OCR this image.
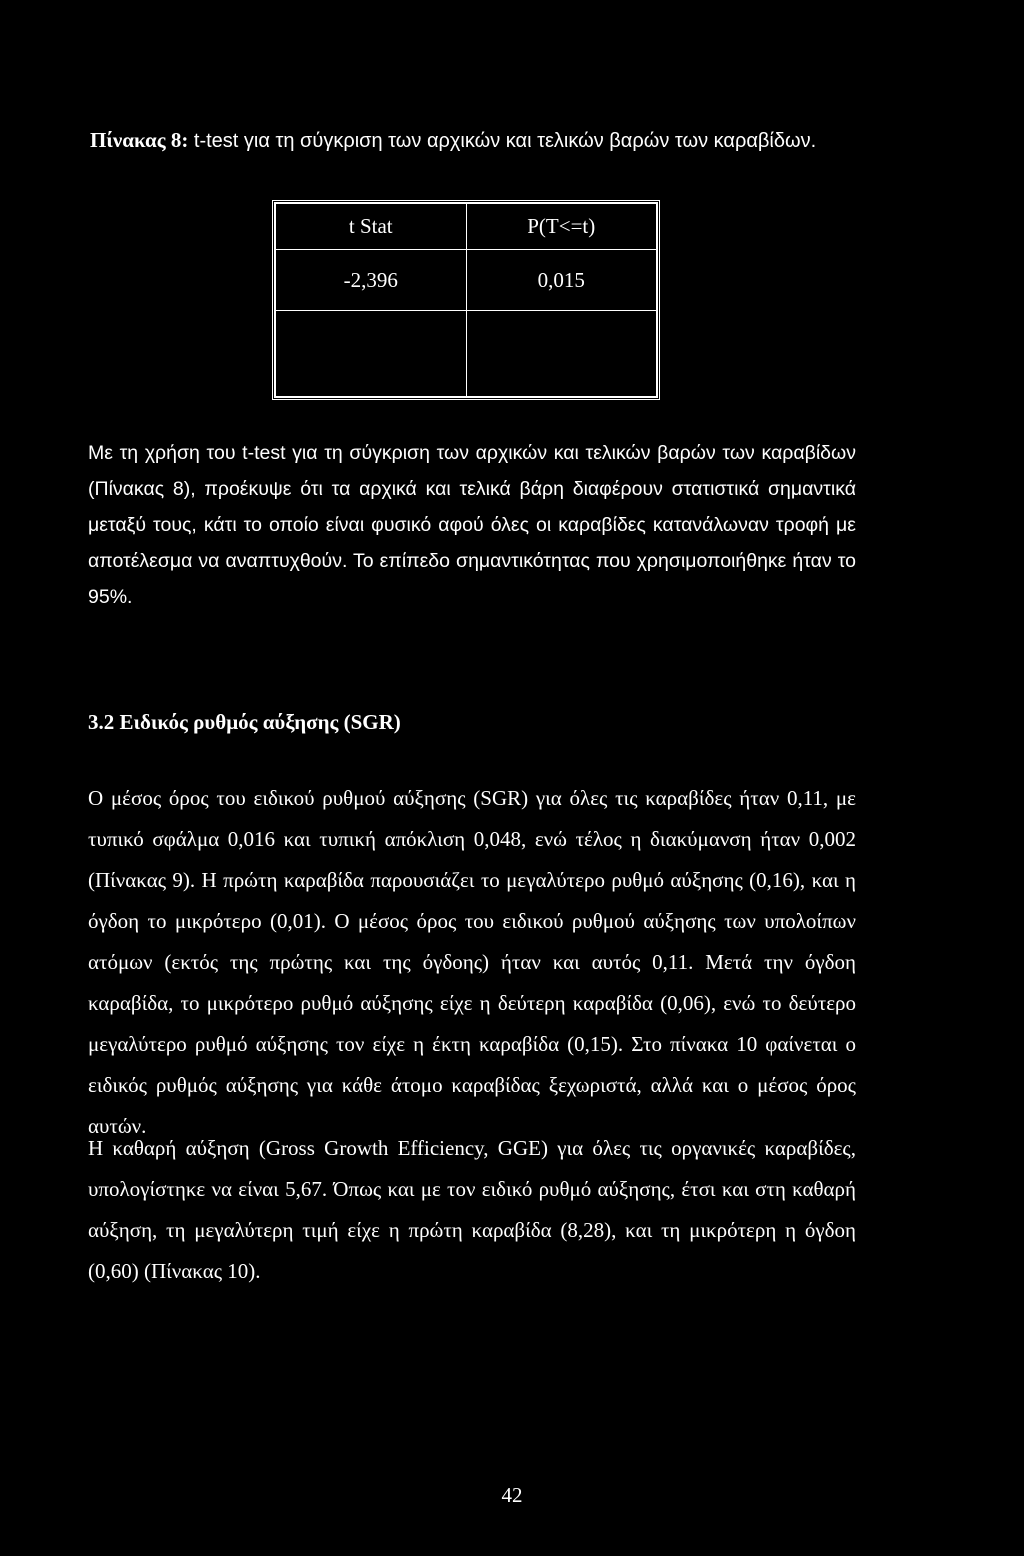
Πίνακας 8: t-test για τη σύγκριση των αρχικών και τελικών βαρών των καραβίδων.
t Stat	P(T<=t)
-2,396	0,015

Με τη χρήση του t-test για τη σύγκριση των αρχικών και τελικών βαρών των καραβίδων (Πίνακας 8), προέκυψε ότι τα αρχικά και τελικά βάρη διαφέρουν στατιστικά σημαντικά μεταξύ τους, κάτι το οποίο είναι φυσικό αφού όλες οι καραβίδες κατανάλωναν τροφή με αποτέλεσμα να αναπτυχθούν. Το επίπεδο σημαντικότητας που χρησιμοποιήθηκε ήταν το 95%.
3.2 Ειδικός ρυθμός αύξησης (SGR)
Ο μέσος όρος του ειδικού ρυθμού αύξησης (SGR) για όλες τις καραβίδες ήταν 0,11, με τυπικό σφάλμα 0,016 και τυπική απόκλιση 0,048, ενώ τέλος η διακύμανση ήταν 0,002 (Πίνακας 9). Η πρώτη καραβίδα παρουσιάζει το μεγαλύτερο ρυθμό αύξησης (0,16), και η όγδοη το μικρότερο (0,01). Ο μέσος όρος του ειδικού ρυθμού αύξησης των υπολοίπων ατόμων (εκτός της πρώτης και της όγδοης) ήταν και αυτός 0,11. Μετά την όγδοη καραβίδα, το μικρότερο ρυθμό αύξησης είχε η δεύτερη καραβίδα (0,06), ενώ το δεύτερο μεγαλύτερο ρυθμό αύξησης τον είχε η έκτη καραβίδα (0,15). Στο πίνακα 10 φαίνεται ο ειδικός ρυθμός αύξησης για κάθε άτομο καραβίδας ξεχωριστά, αλλά και ο μέσος όρος αυτών.
Η καθαρή αύξηση (Gross Growth Efficiency, GGE) για όλες τις οργανικές καραβίδες, υπολογίστηκε να είναι 5,67. Όπως και με τον ειδικό ρυθμό αύξησης, έτσι και στη καθαρή αύξηση, τη μεγαλύτερη τιμή είχε η πρώτη καραβίδα (8,28), και τη μικρότερη η όγδοη (0,60) (Πίνακας 10).
42
